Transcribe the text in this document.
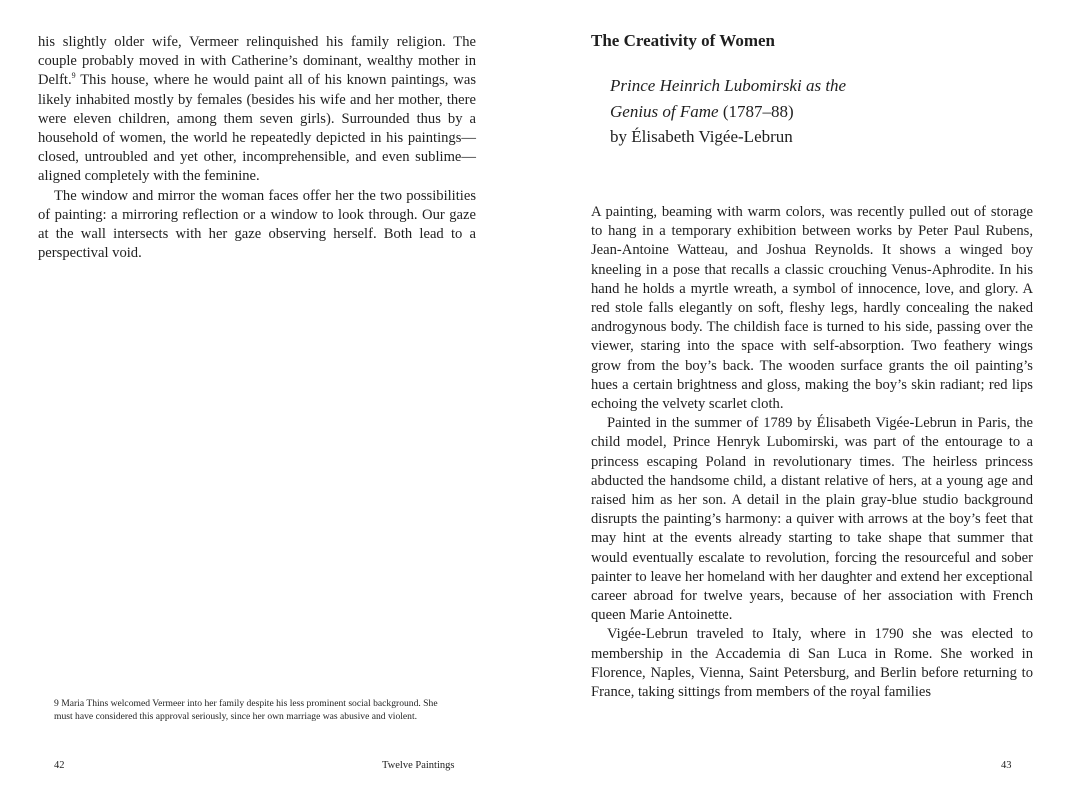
his slightly older wife, Vermeer relinquished his family religion. The couple probably moved in with Catherine’s dominant, wealthy mother in Delft.$^9$ This house, where he would paint all of his known paintings, was likely inhabited mostly by females (besides his wife and her mother, there were eleven children, among them seven girls). Surrounded thus by a household of women, the world he repeatedly depicted in his paintings—closed, untroubled and yet other, incomprehensible, and even sublime—aligned completely with the feminine.

The window and mirror the woman faces offer her the two possibilities of painting: a mirroring reflection or a window to look through. Our gaze at the wall intersects with her gaze observing herself. Both lead to a perspectival void.

9 Maria Thins welcomed Vermeer into her family despite his less prominent social background. She must have considered this approval seriously, since her own marriage was abusive and violent.

42	Twelve Paintings

The Creativity of Women
Prince Heinrich Lubomirski as the
Genius of Fame (1787–88)
by Élisabeth Vigée-Lebrun

A painting, beaming with warm colors, was recently pulled out of storage to hang in a temporary exhibition between works by Peter Paul Rubens, Jean-Antoine Watteau, and Joshua Reynolds. It shows a winged boy kneeling in a pose that recalls a classic crouching Venus-Aphrodite. In his hand he holds a myrtle wreath, a symbol of innocence, love, and glory. A red stole falls elegantly on soft, fleshy legs, hardly concealing the naked androgynous body. The childish face is turned to his side, passing over the viewer, staring into the space with self-absorption. Two feathery wings grow from the boy’s back. The wooden surface grants the oil painting’s hues a certain brightness and gloss, making the boy’s skin radiant; red lips echoing the velvety scarlet cloth.

Painted in the summer of 1789 by Élisabeth Vigée-Lebrun in Paris, the child model, Prince Henryk Lubomirski, was part of the entourage to a princess escaping Poland in revolutionary times. The heirless princess abducted the handsome child, a distant relative of hers, at a young age and raised him as her son. A detail in the plain gray-blue studio background disrupts the painting’s harmony: a quiver with arrows at the boy’s feet that may hint at the events already starting to take shape that summer that would eventually escalate to revolution, forcing the resourceful and sober painter to leave her homeland with her daughter and extend her exceptional career abroad for twelve years, because of her association with French queen Marie Antoinette.

Vigée-Lebrun traveled to Italy, where in 1790 she was elected to membership in the Accademia di San Luca in Rome. She worked in Florence, Naples, Vienna, Saint Petersburg, and Berlin before returning to France, taking sittings from members of the royal families

43
